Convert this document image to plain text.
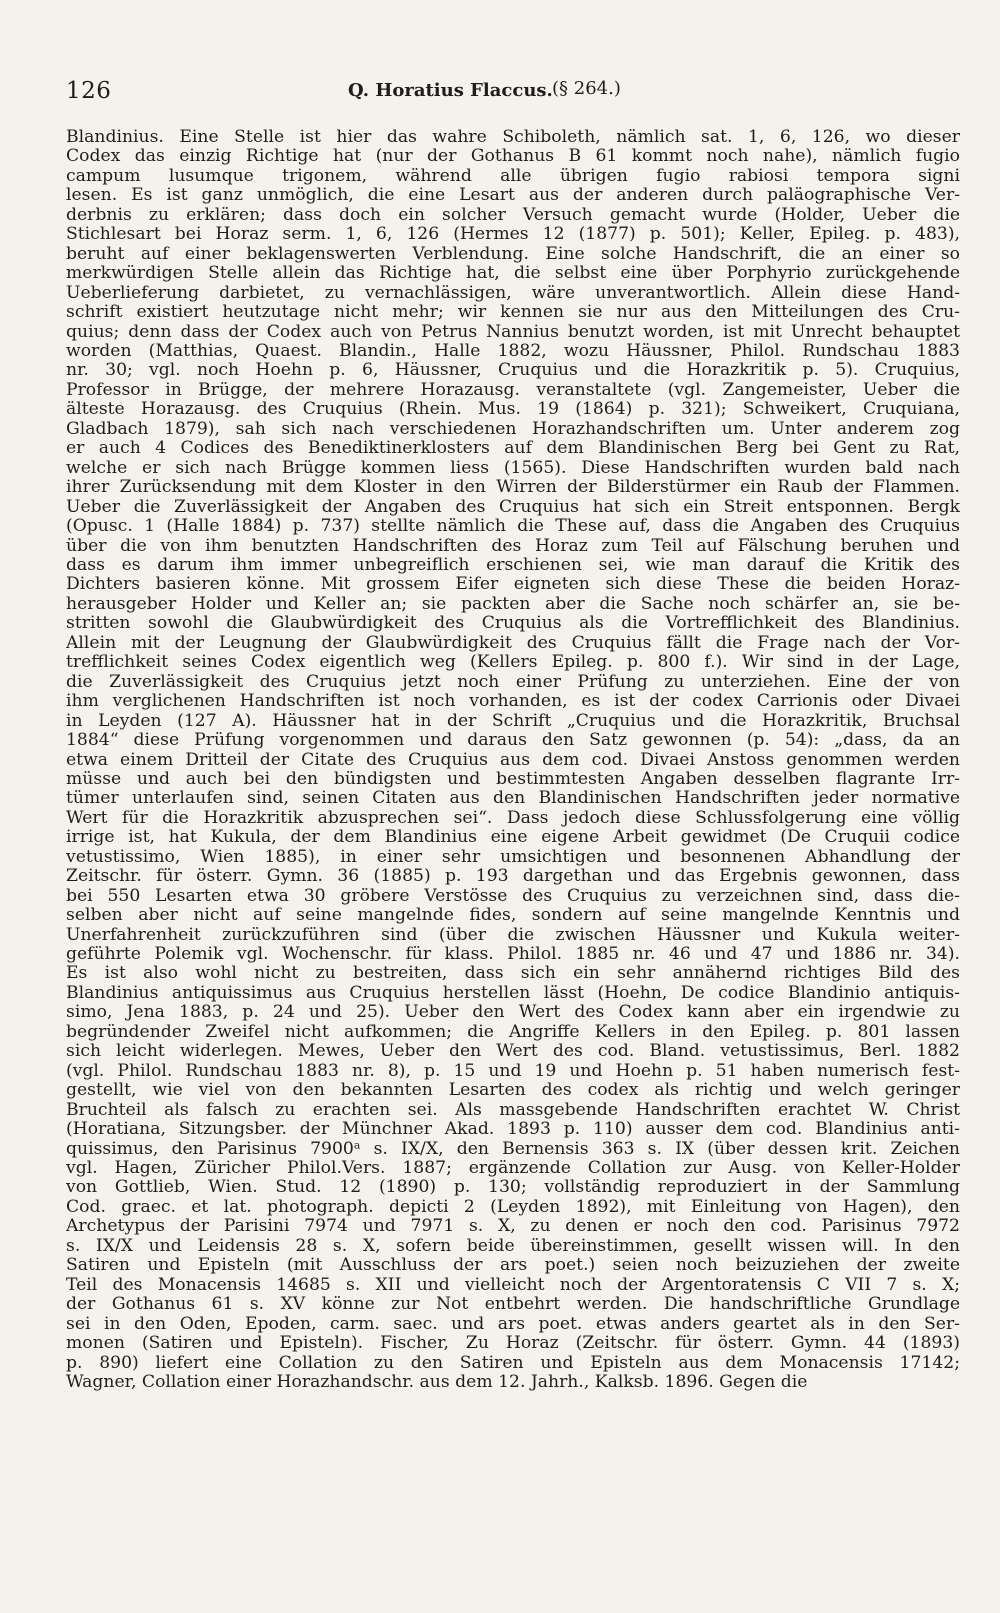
126	Q. Horatius Flaccus. (§ 264.)
Blandinius. Eine Stelle ist hier das wahre Schiboleth, nämlich sat. 1, 6, 126, wo dieser
Codex das einzig Richtige hat (nur der Gothanus B 61 kommt noch nahe), nämlich fugio
campum lusumque trigonem, während alle übrigen fugio rabiosi tempora signi
lesen. Es ist ganz unmöglich, die eine Lesart aus der anderen durch paläographische Ver-
derbnis zu erklären; dass doch ein solcher Versuch gemacht wurde (Holder, Ueber die
Stichlesart bei Horaz serm. 1, 6, 126 (Hermes 12 (1877) p. 501); Keller, Epileg. p. 483),
beruht auf einer beklagenswerten Verblendung. Eine solche Handschrift, die an einer so
merkwürdigen Stelle allein das Richtige hat, die selbst eine über Porphyrio zurückgehende
Ueberlieferung darbietet, zu vernachlässigen, wäre unverantwortlich. Allein diese Hand-
schrift existiert heutzutage nicht mehr; wir kennen sie nur aus den Mitteilungen des Cru-
quius; denn dass der Codex auch von Petrus Nannius benutzt worden, ist mit Unrecht behauptet
worden (Matthias, Quaest. Blandin., Halle 1882, wozu Häussner, Philol. Rundschau 1883
nr. 30; vgl. noch Hoehn p. 6, Häussner, Cruquius und die Horazkritik p. 5). Cruquius,
Professor in Brügge, der mehrere Horazausg. veranstaltete (vgl. Zangemeister, Ueber die
älteste Horazausg. des Cruquius (Rhein. Mus. 19 (1864) p. 321); Schweikert, Cruquiana,
Gladbach 1879), sah sich nach verschiedenen Horazhandschriften um. Unter anderem zog
er auch 4 Codices des Benediktinerklosters auf dem Blandinischen Berg bei Gent zu Rat,
welche er sich nach Brügge kommen liess (1565). Diese Handschriften wurden bald nach
ihrer Zurücksendung mit dem Kloster in den Wirren der Bilderstürmer ein Raub der Flammen.
Ueber die Zuverlässigkeit der Angaben des Cruquius hat sich ein Streit entsponnen. Bergk
(Opusc. 1 (Halle 1884) p. 737) stellte nämlich die These auf, dass die Angaben des Cruquius
über die von ihm benutzten Handschriften des Horaz zum Teil auf Fälschung beruhen und
dass es darum ihm immer unbegreiflich erschienen sei, wie man darauf die Kritik des
Dichters basieren könne. Mit grossem Eifer eigneten sich diese These die beiden Horaz-
herausgeber Holder und Keller an; sie packten aber die Sache noch schärfer an, sie be-
stritten sowohl die Glaubwürdigkeit des Cruquius als die Vortrefflichkeit des Blandinius.
Allein mit der Leugnung der Glaubwürdigkeit des Cruquius fällt die Frage nach der Vor-
trefflichkeit seines Codex eigentlich weg (Kellers Epileg. p. 800 f.). Wir sind in der Lage,
die Zuverlässigkeit des Cruquius jetzt noch einer Prüfung zu unterziehen. Eine der von
ihm verglichenen Handschriften ist noch vorhanden, es ist der codex Carrionis oder Divaei
in Leyden (127 A). Häussner hat in der Schrift „Cruquius und die Horazkritik, Bruchsal
1884“ diese Prüfung vorgenommen und daraus den Satz gewonnen (p. 54): „dass, da an
etwa einem Dritteil der Citate des Cruquius aus dem cod. Divaei Anstoss genommen werden
müsse und auch bei den bündigsten und bestimmtesten Angaben desselben flagrante Irr-
tümer unterlaufen sind, seinen Citaten aus den Blandinischen Handschriften jeder normative
Wert für die Horazkritik abzusprechen sei“. Dass jedoch diese Schlussfolgerung eine völlig
irrige ist, hat Kukula, der dem Blandinius eine eigene Arbeit gewidmet (De Cruquii codice
vetustissimo, Wien 1885), in einer sehr umsichtigen und besonnenen Abhandlung der
Zeitschr. für österr. Gymn. 36 (1885) p. 193 dargethan und das Ergebnis gewonnen, dass
bei 550 Lesarten etwa 30 gröbere Verstösse des Cruquius zu verzeichnen sind, dass die-
selben aber nicht auf seine mangelnde fides, sondern auf seine mangelnde Kenntnis und
Unerfahrenheit zurückzuführen sind (über die zwischen Häussner und Kukula weiter-
geführte Polemik vgl. Wochenschr. für klass. Philol. 1885 nr. 46 und 47 und 1886 nr. 34).
Es ist also wohl nicht zu bestreiten, dass sich ein sehr annähernd richtiges Bild des
Blandinius antiquissimus aus Cruquius herstellen lässt (Hoehn, De codice Blandinio antiquis-
simo, Jena 1883, p. 24 und 25). Ueber den Wert des Codex kann aber ein irgendwie zu
begründender Zweifel nicht aufkommen; die Angriffe Kellers in den Epileg. p. 801 lassen
sich leicht widerlegen. Mewes, Ueber den Wert des cod. Bland. vetustissimus, Berl. 1882
(vgl. Philol. Rundschau 1883 nr. 8), p. 15 und 19 und Hoehn p. 51 haben numerisch fest-
gestellt, wie viel von den bekannten Lesarten des codex als richtig und welch geringer
Bruchteil als falsch zu erachten sei. Als massgebende Handschriften erachtet W. Christ
(Horatiana, Sitzungsber. der Münchner Akad. 1893 p. 110) ausser dem cod. Blandinius anti-
quissimus, den Parisinus 7900ᵃ s. IX/X, den Bernensis 363 s. IX (über dessen krit. Zeichen
vgl. Hagen, Züricher Philol.Vers. 1887; ergänzende Collation zur Ausg. von Keller-Holder
von Gottlieb, Wien. Stud. 12 (1890) p. 130; vollständig reproduziert in der Sammlung
Cod. graec. et lat. photograph. depicti 2 (Leyden 1892), mit Einleitung von Hagen), den
Archetypus der Parisini 7974 und 7971 s. X, zu denen er noch den cod. Parisinus 7972
s. IX/X und Leidensis 28 s. X, sofern beide übereinstimmen, gesellt wissen will. In den
Satiren und Episteln (mit Ausschluss der ars poet.) seien noch beizuziehen der zweite
Teil des Monacensis 14685 s. XII und vielleicht noch der Argentoratensis C VII 7 s. X;
der Gothanus 61 s. XV könne zur Not entbehrt werden. Die handschriftliche Grundlage
sei in den Oden, Epoden, carm. saec. und ars poet. etwas anders geartet als in den Ser-
monen (Satiren und Episteln). Fischer, Zu Horaz (Zeitschr. für österr. Gymn. 44 (1893)
p. 890) liefert eine Collation zu den Satiren und Episteln aus dem Monacensis 17142;
Wagner, Collation einer Horazhandschr. aus dem 12. Jahrh., Kalksb. 1896. Gegen die
